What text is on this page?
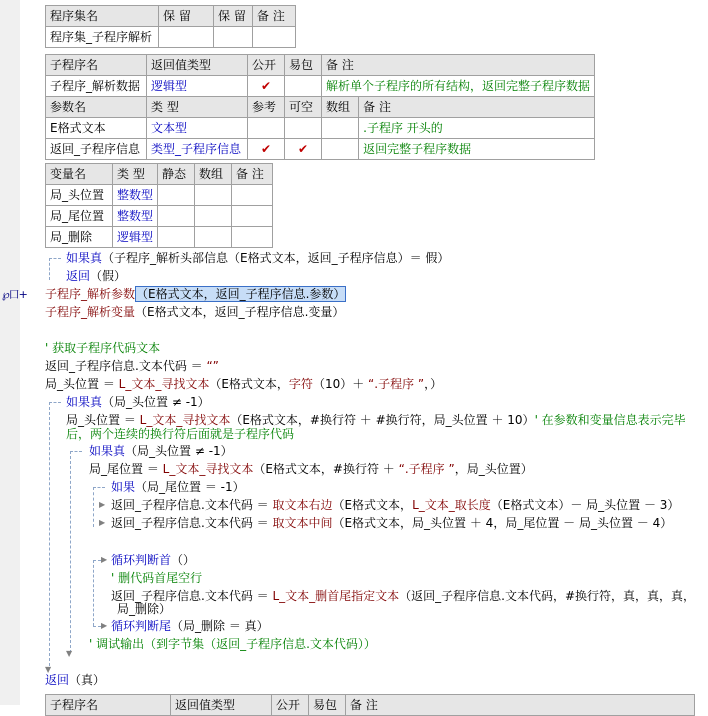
℘口+
程序集名	保 留	保 留	备 注
程序集_子程序解析			
子程序名	返回值类型	公开	易包	备 注	
子程序_解析数据	逻辑型	✔		解析单个子程序的所有结构，返回完整子程序数据	
参数名	类 型	参考	可空	数组	备 注
E格式文本	文本型				.子程序 开头的
返回_子程序信息	类型_子程序信息	✔	✔		返回完整子程序数据
变量名	类 型	静态	数组	备 注
局_头位置	整数型			
局_尾位置	整数型			
局_删除	逻辑型			
▼
▼
▶
▶
▶
▶
如果真（子程序_解析头部信息（E格式文本，返回_子程序信息）＝ 假）
返回（假）
子程序_解析参数（E格式文本，返回_子程序信息.参数）
子程序_解析变量（E格式文本，返回_子程序信息.变量）
' 获取子程序代码文本
返回_子程序信息.文本代码 ＝ “”
局_头位置 ＝ L_文本_寻找文本（E格式文本，字符（10）＋ “.子程序 ”，）
如果真（局_头位置 ≠ -1）
局_头位置 ＝ L_文本_寻找文本（E格式文本，#换行符 ＋ #换行符，局_头位置 ＋ 10）' 在参数和变量信息表示完毕
后，两个连续的换行符后面就是子程序代码
如果真（局_头位置 ≠ -1）
局_尾位置 ＝ L_文本_寻找文本（E格式文本，#换行符 ＋ “.子程序 ”，局_头位置）
如果（局_尾位置 ＝ -1）
返回_子程序信息.文本代码 ＝ 取文本右边（E格式文本，L_文本_取长度（E格式文本）－ 局_头位置 － 3）
返回_子程序信息.文本代码 ＝ 取文本中间（E格式文本，局_头位置 ＋ 4，局_尾位置 － 局_头位置 － 4）
循环判断首（）
' 删代码首尾空行
返回_子程序信息.文本代码 ＝ L_文本_删首尾指定文本（返回_子程序信息.文本代码，#换行符，真，真，真，
局_删除）
循环判断尾（局_删除 ＝ 真）
' 调试输出（到字节集（返回_子程序信息.文本代码））
返回（真）
子程序名	返回值类型	公开	易包	备 注
